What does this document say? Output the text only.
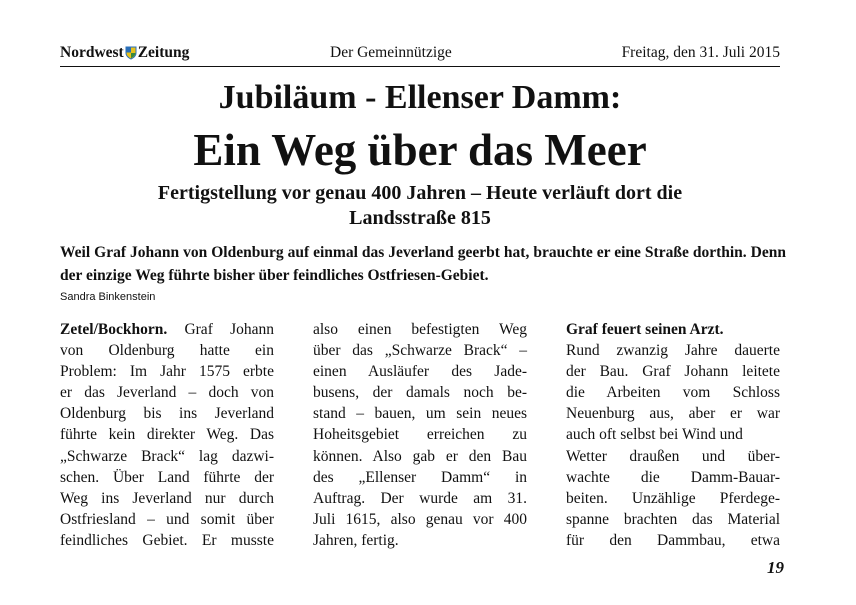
Nordwest Zeitung	Der Gemeinnützige	Freitag, den 31. Juli 2015
Jubiläum - Ellenser Damm:
Ein Weg über das Meer
Fertigstellung vor genau 400 Jahren – Heute verläuft dort die
Landsstraße 815
Weil Graf Johann von Oldenburg auf einmal das Jeverland geerbt hat, brauchte er eine Straße dorthin. Denn der einzige Weg führte bisher über feindliches Ostfriesen-Gebiet.
Sandra Binkenstein
Zetel/Bockhorn. Graf Johann
von Oldenburg hatte ein
Problem: Im Jahr 1575 erbte
er das Jeverland – doch von
Oldenburg bis ins Jeverland
führte kein direkter Weg. Das
„Schwarze Brack“ lag dazwi-
schen. Über Land führte der
Weg ins Jeverland nur durch
Ostfriesland – und somit über
feindliches Gebiet. Er musste
also einen befestigten Weg
über das „Schwarze Brack“ –
einen Ausläufer des Jade-
busens, der damals noch be-
stand – bauen, um sein neues
Hoheitsgebiet erreichen zu
können. Also gab er den Bau
des „Ellenser Damm“ in
Auftrag. Der wurde am 31.
Juli 1615, also genau vor 400
Jahren, fertig.
Graf feuert seinen Arzt.
Rund zwanzig Jahre dauerte
der Bau. Graf Johann leitete
die Arbeiten vom Schloss
Neuenburg aus, aber er war
auch oft selbst bei Wind und
Wetter draußen und über-
wachte die Damm-Bauar-
beiten. Unzählige Pferdege-
spanne brachten das Material
für den Dammbau, etwa
19
